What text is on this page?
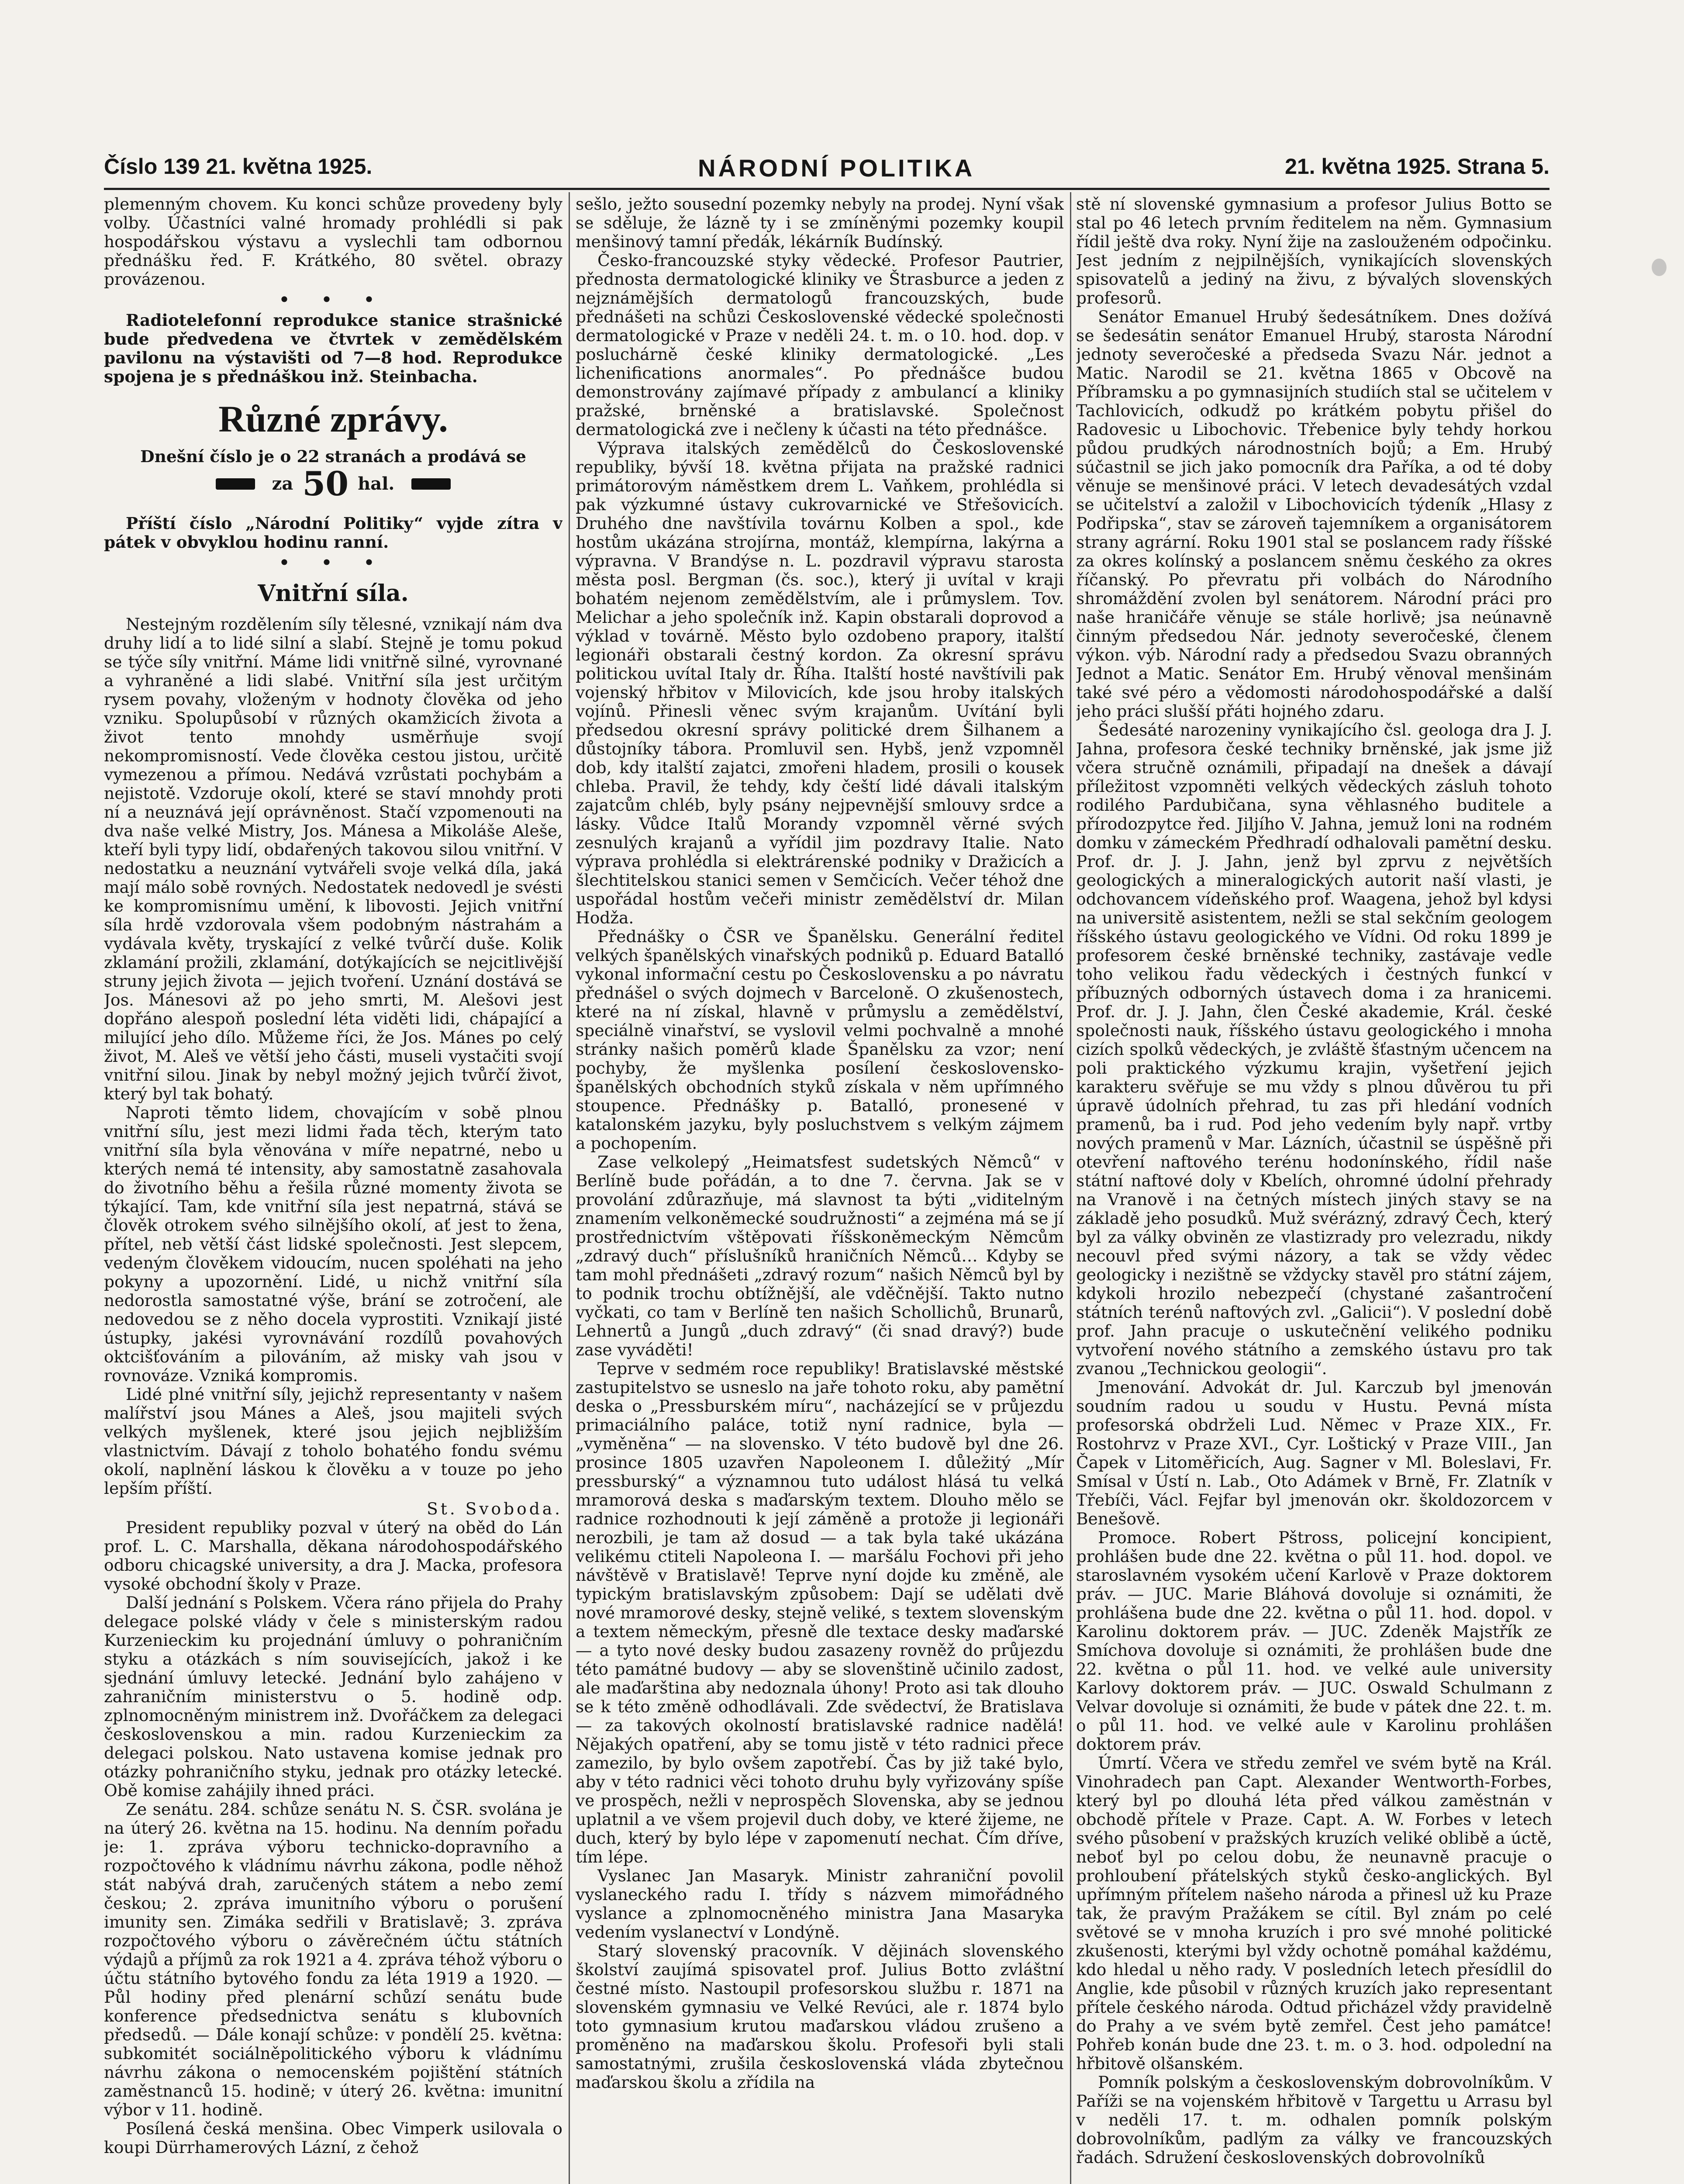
Číslo 139 21. května 1925.	NÁRODNÍ POLITIKA	21. května 1925. Strana 5.

plemenným chovem. Ku konci schůze provedeny byly volby. Účastníci valné hromady prohlédli si pak hospodářskou výstavu a vyslechli tam odbornou přednášku řed. F. Krátkého, 80 světel. obrazy provázenou.

• • •

Radiotelefonní reprodukce stanice strašnické bude předvedena ve čtvrtek v zemědělském pavilonu na výstavišti od 7—8 hod. Reprodukce spojena je s přednáškou inž. Steinbacha.

Různé zprávy.

Dnešní číslo je o 22 stranách a prodává se

za 50 hal.

Příští číslo „Národní Politiky“ vyjde zítra v pátek v obvyklou hodinu ranní.

• • •
Vnitřní síla.

Nestejným rozdělením síly tělesné, vznikají nám dva druhy lidí a to lidé silní a slabí. Stejně je tomu pokud se týče síly vnitřní. Máme lidi vnitřně silné, vyrovnané a vyhraněné a lidi slabé. Vnitřní síla jest určitým rysem povahy, vloženým v hodnoty člověka od jeho vzniku. Spolupůsobí v různých okamžicích života a život tento mnohdy usměrňuje svojí nekompromisností. Vede člověka cestou jistou, určitě vymezenou a přímou. Nedává vzrůstati pochybám a nejistotě. Vzdoruje okolí, které se staví mnohdy proti ní a neuznává její oprávněnost. Stačí vzpomenouti na dva naše velké Mistry, Jos. Mánesa a Mikoláše Aleše, kteří byli typy lidí, obdařených takovou silou vnitřní. V nedostatku a neuznání vytvářeli svoje velká díla, jaká mají málo sobě rovných. Nedostatek nedovedl je svésti ke kompromisnímu umění, k libovosti. Jejich vnitřní síla hrdě vzdorovala všem podobným nástrahám a vydávala květy, tryskající z velké tvůrčí duše. Kolik zklamání prožili, zklamání, dotýkajících se nejcitlivější struny jejich života — jejich tvoření. Uznání dostává se Jos. Mánesovi až po jeho smrti, M. Alešovi jest dopřáno alespoň poslední léta viděti lidi, chápající a milující jeho dílo. Můžeme říci, že Jos. Mánes po celý život, M. Aleš ve větší jeho části, museli vystačiti svojí vnitřní silou. Jinak by nebyl možný jejich tvůrčí život, který byl tak bohatý.

Naproti těmto lidem, chovajícím v sobě plnou vnitřní sílu, jest mezi lidmi řada těch, kterým tato vnitřní síla byla věnována v míře nepatrné, nebo u kterých nemá té intensity, aby samostatně zasahovala do životního běhu a řešila různé momenty života se týkající. Tam, kde vnitřní síla jest nepatrná, stává se člověk otrokem svého silnějšího okolí, ať jest to žena, přítel, neb větší část lidské společnosti. Jest slepcem, vedeným člověkem vidoucím, nucen spoléhati na jeho pokyny a upozornění. Lidé, u nichž vnitřní síla nedorostla samostatné výše, brání se zotročení, ale nedovedou se z něho docela vyprostiti. Vznikají jisté ústupky, jakési vyrovnávání rozdílů povahových oktcišťováním a pilováním, až misky vah jsou v rovnováze. Vzniká kompromis.

Lidé plné vnitřní síly, jejichž representanty v našem malířství jsou Mánes a Aleš, jsou majiteli svých velkých myšlenek, které jsou jejich nejbližším vlastnictvím. Dávají z toholo bohatého fondu svému okolí, naplnění láskou k člověku a v touze po jeho lepším příští.

St. Svoboda.

President republiky pozval v úterý na oběd do Lán prof. L. C. Marshalla, děkana národohospodářského odboru chicagské university, a dra J. Macka, profesora vysoké obchodní školy v Praze.

Další jednání s Polskem. Včera ráno přijela do Prahy delegace polské vlády v čele s ministerským radou Kurzenieckim ku projednání úmluvy o pohraničním styku a otázkách s ním souvisejících, jakož i ke sjednání úmluvy letecké. Jednání bylo zahájeno v zahraničním ministerstvu o 5. hodině odp. zplnomocněným ministrem inž. Dvořáčkem za delegaci československou a min. radou Kurzenieckim za delegaci polskou. Nato ustavena komise jednak pro otázky pohraničního styku, jednak pro otázky letecké. Obě komise zahájily ihned práci.

Ze senátu. 284. schůze senátu N. S. ČSR. svolána je na úterý 26. května na 15. hodinu. Na denním pořadu je: 1. zpráva výboru technicko-dopravního a rozpočtového k vládnímu návrhu zákona, podle něhož stát nabývá drah, zaručených státem a nebo zemí českou; 2. zpráva imunitního výboru o porušení imunity sen. Zimáka sedřili v Bratislavě; 3. zpráva rozpočtového výboru o závěrečném účtu státních výdajů a příjmů za rok 1921 a 4. zpráva téhož výboru o účtu státního bytového fondu za léta 1919 a 1920. — Půl hodiny před plenární schůzí senátu bude konference předsednictva senátu s klubovních předsedů. — Dále konají schůze: v pondělí 25. května: subkomitét sociálněpolitického výboru k vládnímu návrhu zákona o nemocenském pojištění státních zaměstnanců 15. hodině; v úterý 26. května: imunitní výbor v 11. hodině.

Posílená česká menšina. Obec Vimperk usilovala o koupi Dürrhamerových Lázní, z čehož

sešlo, ježto sousední pozemky nebyly na prodej. Nyní však se sděluje, že lázně ty i se zmíněnými pozemky koupil menšinový tamní předák, lékárník Budínský.

Česko-francouzské styky vědecké. Profesor Pautrier, přednosta dermatologické kliniky ve Štrasburce a jeden z nejznámějších dermatologů francouzských, bude přednášeti na schůzi Československé vědecké společnosti dermatologické v Praze v neděli 24. t. m. o 10. hod. dop. v posluchárně české kliniky dermatologické. „Les lichenifications anormales“. Po přednášce budou demonstrovány zajímavé případy z ambulancí a kliniky pražské, brněnské a bratislavské. Společnost dermatologická zve i nečleny k účasti na této přednášce.

Výprava italských zemědělců do Československé republiky, bývší 18. května přijata na pražské radnici primátorovým náměstkem drem L. Vaňkem, prohlédla si pak výzkumné ústavy cukrovarnické ve Střešovicích. Druhého dne navštívila továrnu Kolben a spol., kde hostům ukázána strojírna, montáž, klempírna, lakýrna a výpravna. V Brandýse n. L. pozdravil výpravu starosta města posl. Bergman (čs. soc.), který ji uvítal v kraji bohatém nejenom zemědělstvím, ale i průmyslem. Tov. Melichar a jeho společník inž. Kapin obstarali doprovod a výklad v továrně. Město bylo ozdobeno prapory, italští legionáři obstarali čestný kordon. Za okresní správu politickou uvítal Italy dr. Říha. Italští hosté navštívili pak vojenský hřbitov v Milovicích, kde jsou hroby italských vojínů. Přinesli věnec svým krajanům. Uvítání byli předsedou okresní správy politické drem Šilhanem a důstojníky tábora. Promluvil sen. Hybš, jenž vzpomněl dob, kdy italští zajatci, zmořeni hladem, prosili o kousek chleba. Pravil, že tehdy, kdy čeští lidé dávali italským zajatcům chléb, byly psány nejpevnější smlouvy srdce a lásky. Vůdce Italů Morandy vzpomněl věrné svých zesnulých krajanů a vyřídil jim pozdravy Italie. Nato výprava prohlédla si elektrárenské podniky v Dražicích a šlechtitelskou stanici semen v Semčicích. Večer téhož dne uspořádal hostům večeři ministr zemědělství dr. Milan Hodža.

Přednášky o ČSR ve Španělsku. Generální ředitel velkých španělských vinařských podniků p. Eduard Batalló vykonal informační cestu po Československu a po návratu přednášel o svých dojmech v Barceloně. O zkušenostech, které na ní získal, hlavně v průmyslu a zemědělství, speciálně vinařství, se vyslovil velmi pochvalně a mnohé stránky našich poměrů klade Španělsku za vzor; není pochyby, že myšlenka posílení československo-španělských obchodních styků získala v něm upřímného stoupence. Přednášky p. Batalló, pronesené v katalonském jazyku, byly posluchstvem s velkým zájmem a pochopením.

Zase velkolepý „Heimatsfest sudetských Němců“ v Berlíně bude pořádán, a to dne 7. června. Jak se v provolání zdůrazňuje, má slavnost ta býti „viditelným znamením velkoněmecké soudružnosti“ a zejména má se jí prostřednictvím vštěpovati říšskoněmeckým Němcům „zdravý duch“ příslušníků hraničních Němců… Kdyby se tam mohl přednášeti „zdravý rozum“ našich Němců byl by to podnik trochu obtížnější, ale vděčnější. Takto nutno vyčkati, co tam v Berlíně ten našich Schollichů, Brunarů, Lehnertů a Jungů „duch zdravý“ (či snad dravý?) bude zase vyváděti!

Teprve v sedmém roce republiky! Bratislavské městské zastupitelstvo se usneslo na jaře tohoto roku, aby pamětní deska o „Pressburském míru“, nacházející se v průjezdu primaciálního paláce, totiž nyní radnice, byla — „vyměněna“ — na slovensko. V této budově byl dne 26. prosince 1805 uzavřen Napoleonem I. důležitý „Mír pressburský“ a významnou tuto událost hlásá tu velká mramorová deska s maďarským textem. Dlouho mělo se radnice rozhodnouti k její záměně a protože ji legionáři nerozbili, je tam až dosud — a tak byla také ukázána velikému ctiteli Napoleona I. — maršálu Fochovi při jeho návštěvě v Bratislavě! Teprve nyní dojde ku změně, ale typickým bratislavským způsobem: Dají se udělati dvě nové mramorové desky, stejně veliké, s textem slovenským a textem německým, přesně dle textace desky maďarské — a tyto nové desky budou zasazeny rovněž do průjezdu této památné budovy — aby se slovenštině učinilo zadost, ale maďarština aby nedoznala úhony! Proto asi tak dlouho se k této změně odhodlávali. Zde svědectví, že Bratislava — za takových okolností bratislavské radnice nadělá! Nějakých opatření, aby se tomu jistě v této radnici přece zamezilo, by bylo ovšem zapotřebí. Čas by již také bylo, aby v této radnici věci tohoto druhu byly vyřizovány spíše ve prospěch, nežli v neprospěch Slovenska, aby se jednou uplatnil a ve všem projevil duch doby, ve které žijeme, ne duch, který by bylo lépe v zapomenutí nechat. Čím dříve, tím lépe.

Vyslanec Jan Masaryk. Ministr zahraniční povolil vyslaneckého radu I. třídy s názvem mimořádného vyslance a zplnomocněného ministra Jana Masaryka vedením vyslanectví v Londýně.

Starý slovenský pracovník. V dějinách slovenského školství zaujímá spisovatel prof. Julius Botto zvláštní čestné místo. Nastoupil profesorskou službu r. 1871 na slovenském gymnasiu ve Velké Revúci, ale r. 1874 bylo toto gymnasium krutou maďarskou vládou zrušeno a proměněno na maďarskou školu. Profesoři byli stali samostatnými, zrušila československá vláda zbytečnou maďarskou školu a zřídila na

stě ní slovenské gymnasium a profesor Julius Botto se stal po 46 letech prvním ředitelem na něm. Gymnasium řídil ještě dva roky. Nyní žije na zaslouženém odpočinku. Jest jedním z nejpilnějších, vynikajících slovenských spisovatelů a jediný na živu, z bývalých slovenských profesorů.

Senátor Emanuel Hrubý šedesátníkem. Dnes dožívá se šedesátin senátor Emanuel Hrubý, starosta Národní jednoty severočeské a předseda Svazu Nár. jednot a Matic. Narodil se 21. května 1865 v Obcově na Příbramsku a po gymnasijních studiích stal se učitelem v Tachlovicích, odkudž po krátkém pobytu přišel do Radovesic u Libochovic. Třebenice byly tehdy horkou půdou prudkých národnostních bojů; a Em. Hrubý súčastnil se jich jako pomocník dra Paříka, a od té doby věnuje se menšinové práci. V letech devadesátých vzdal se učitelství a založil v Libochovicích týdeník „Hlasy z Podřipska“, stav se zároveň tajemníkem a organisátorem strany agrární. Roku 1901 stal se poslancem rady říšské za okres kolínský a poslancem sněmu českého za okres říčanský. Po převratu při volbách do Národního shromáždění zvolen byl senátorem. Národní práci pro naše hraničáře věnuje se stále horlivě; jsa neúnavně činným předsedou Nár. jednoty severočeské, členem výkon. výb. Národní rady a předsedou Svazu obranných Jednot a Matic. Senátor Em. Hrubý věnoval menšinám také své péro a vědomosti národohospodářské a další jeho práci slušší přáti hojného zdaru.

Šedesáté narozeniny vynikajícího čsl. geologa dra J. J. Jahna, profesora české techniky brněnské, jak jsme již včera stručně oznámili, připadají na dnešek a dávají příležitost vzpomněti velkých vědeckých zásluh tohoto rodilého Pardubičana, syna věhlasného buditele a přírodozpytce řed. Jiljího V. Jahna, jemuž loni na rodném domku v zámeckém Předhradí odhalovali pamětní desku. Prof. dr. J. J. Jahn, jenž byl zprvu z největších geologických a mineralogických autorit naší vlasti, je odchovancem vídeňského prof. Waagena, jehož byl kdysi na universitě asistentem, nežli se stal sekčním geologem říšského ústavu geologického ve Vídni. Od roku 1899 je profesorem české brněnské techniky, zastávaje vedle toho velikou řadu vědeckých i čestných funkcí v příbuzných odborných ústavech doma i za hranicemi. Prof. dr. J. J. Jahn, člen České akademie, Král. české společnosti nauk, říšského ústavu geologického i mnoha cizích spolků vědeckých, je zvláště šťastným učencem na poli praktického výzkumu krajin, vyšetření jejich karakteru svěřuje se mu vždy s plnou důvěrou tu při úpravě údolních přehrad, tu zas při hledání vodních pramenů, ba i rud. Pod jeho vedením byly např. vrtby nových pramenů v Mar. Lázních, účastnil se úspěšně při otevření naftového terénu hodonínského, řídil naše státní naftové doly v Kbelích, ohromné údolní přehrady na Vranově i na četných místech jiných stavy se na základě jeho posudků. Muž svérázný, zdravý Čech, který byl za války obviněn ze vlastizrady pro velezradu, nikdy necouvl před svými názory, a tak se vždy vědec geologicky i nezištně se vždycky stavěl pro státní zájem, kdykoli hrozilo nebezpečí (chystané zašantročení státních terénů naftových zvl. „Galicii“). V poslední době prof. Jahn pracuje o uskutečnění velikého podniku vytvoření nového státního a zemského ústavu pro tak zvanou „Technickou geologii“.

Jmenování. Advokát dr. Jul. Karczub byl jmenován soudním radou u soudu v Hustu. Pevná místa profesorská obdrželi Lud. Němec v Praze XIX., Fr. Rostohrvz v Praze XVI., Cyr. Loštický v Praze VIII., Jan Čapek v Litoměřicích, Aug. Sagner v Ml. Boleslavi, Fr. Smísal v Ústí n. Lab., Oto Adámek v Brně, Fr. Zlatník v Třebíči, Václ. Fejfar byl jmenován okr. školdozorcem v Benešově.

Promoce. Robert Pštross, policejní koncipient, prohlášen bude dne 22. května o půl 11. hod. dopol. ve staroslavném vysokém učení Karlově v Praze doktorem práv. — JUC. Marie Bláhová dovoluje si oznámiti, že prohlášena bude dne 22. května o půl 11. hod. dopol. v Karolinu doktorem práv. — JUC. Zdeněk Majstřík ze Smíchova dovoluje si oznámiti, že prohlášen bude dne 22. května o půl 11. hod. ve velké aule university Karlovy doktorem práv. — JUC. Oswald Schulmann z Velvar dovoluje si oznámiti, že bude v pátek dne 22. t. m. o půl 11. hod. ve velké aule v Karolinu prohlášen doktorem práv.

Úmrtí. Včera ve středu zemřel ve svém bytě na Král. Vinohradech pan Capt. Alexander Wentworth-Forbes, který byl po dlouhá léta před válkou zaměstnán v obchodě přítele v Praze. Capt. A. W. Forbes v letech svého působení v pražských kruzích veliké oblibě a úctě, neboť byl po celou dobu, že neunavně pracuje o prohloubení přátelských styků česko-anglických. Byl upřímným přítelem našeho národa a přinesl už ku Praze tak, že pravým Pražákem se cítil. Byl znám po celé světové se v mnoha kruzích i pro své mnohé politické zkušenosti, kterými byl vždy ochotně pomáhal každému, kdo hledal u něho rady. V posledních letech přesídlil do Anglie, kde působil v různých kruzích jako representant přítele českého národa. Odtud přicházel vždy pravidelně do Prahy a ve svém bytě zemřel. Čest jeho památce! Pohřeb konán bude dne 23. t. m. o 3. hod. odpolední na hřbitově olšanském.

Pomník polským a československým dobrovolníkům. V Paříži se na vojenském hřbitově v Targettu u Arrasu byl v neděli 17. t. m. odhalen pomník polským dobrovolníkům, padlým za války ve francouzských řadách. Sdružení československých dobrovolníků
